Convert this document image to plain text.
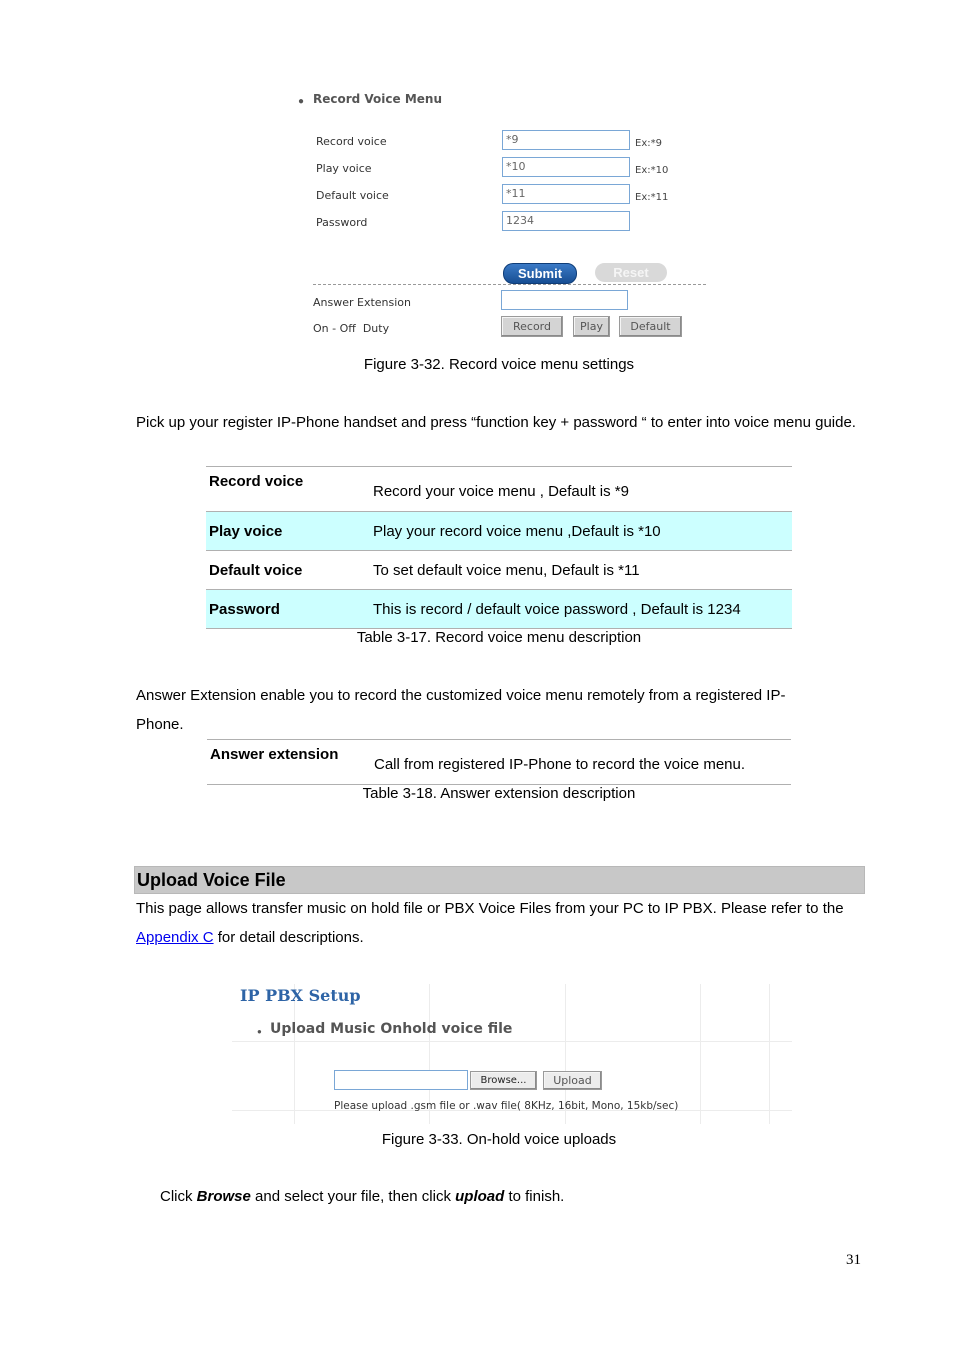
● Record Voice Menu
Record voice	*9	Ex:*9
Play voice	*10	Ex:*10
Default voice	*11	Ex:*11
Password	1234
Submit	Reset
Answer Extension
On - Off  Duty	Record	Play	Default
Figure 3-32. Record voice menu settings
Pick up your register IP-Phone handset and press “function key + password “ to enter into voice menu guide.
Record voice	Record your voice menu , Default is *9
Play voice	Play your record voice menu ,Default is *10
Default voice	To set default voice menu, Default is *11
Password	This is record / default voice password , Default is 1234
Table 3-17. Record voice menu description
Answer Extension enable you to record the customized voice menu remotely from a registered IP-Phone.
Answer extension	Call from registered IP-Phone to record the voice menu.
Table 3-18. Answer extension description
Upload Voice File
This page allows transfer music on hold file or PBX Voice Files from your PC to IP PBX. Please refer to the Appendix C for detail descriptions.
IP PBX Setup
● Upload Music Onhold voice file
Browse...	Upload
Please upload .gsm file or .wav file( 8KHz, 16bit, Mono, 15kb/sec)
Figure 3-33. On-hold voice uploads
Click Browse and select your file, then click upload to finish.
31
